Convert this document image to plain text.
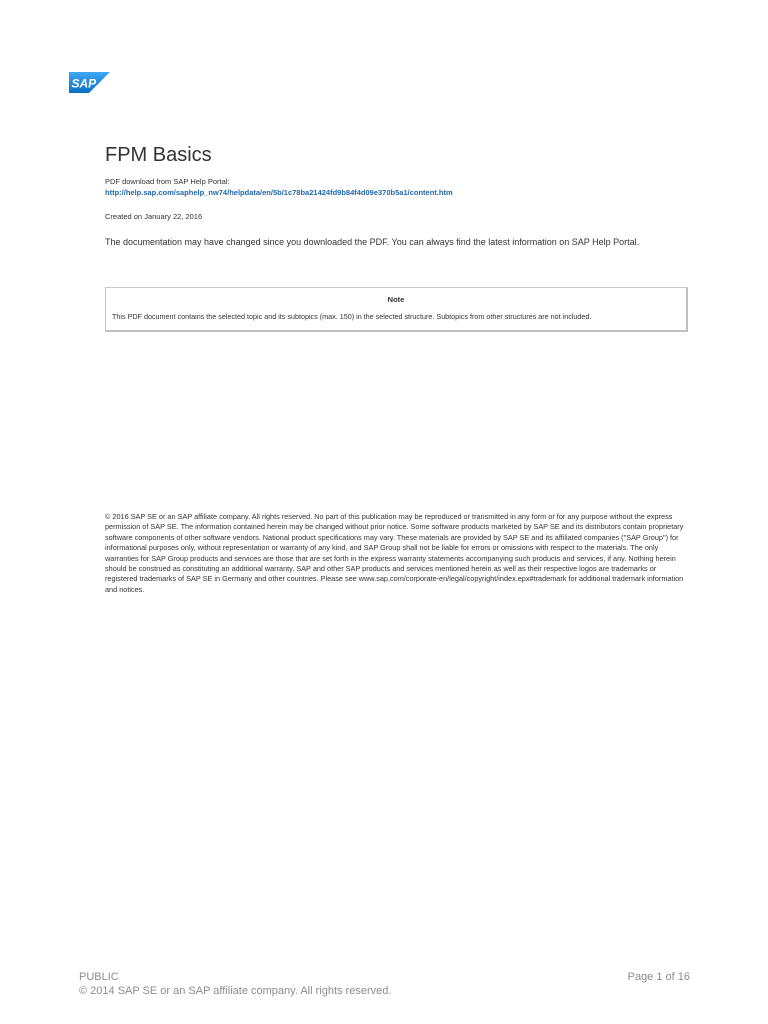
SAP
FPM Basics
PDF download from SAP Help Portal:
http://help.sap.com/saphelp_nw74/helpdata/en/5b/1c78ba21424fd9b84f4d09e370b5a1/content.htm
Created on January 22, 2016
The documentation may have changed since you downloaded the PDF. You can always find the latest information on SAP Help Portal.
Note
This PDF document contains the selected topic and its subtopics (max. 150) in the selected structure. Subtopics from other structures are not included.

© 2016 SAP SE or an SAP affiliate company. All rights reserved. No part of this publication may be reproduced or transmitted in any form or for any purpose without the express permission of SAP SE. The information contained herein may be changed without prior notice. Some software products marketed by SAP SE and its distributors contain proprietary software components of other software vendors. National product specifications may vary. These materials are provided by SAP SE and its affiliated companies ("SAP Group") for informational purposes only, without representation or warranty of any kind, and SAP Group shall not be liable for errors or omissions with respect to the materials. The only warranties for SAP Group products and services are those that are set forth in the express warranty statements accompanying such products and services, if any. Nothing herein should be construed as constituting an additional warranty. SAP and other SAP products and services mentioned herein as well as their respective logos are trademarks or registered trademarks of SAP SE in Germany and other countries. Please see www.sap.com/corporate-en/legal/copyright/index.epx#trademark for additional trademark information and notices.

PUBLIC
© 2014 SAP SE or an SAP affiliate company. All rights reserved.
Page 1 of 16
